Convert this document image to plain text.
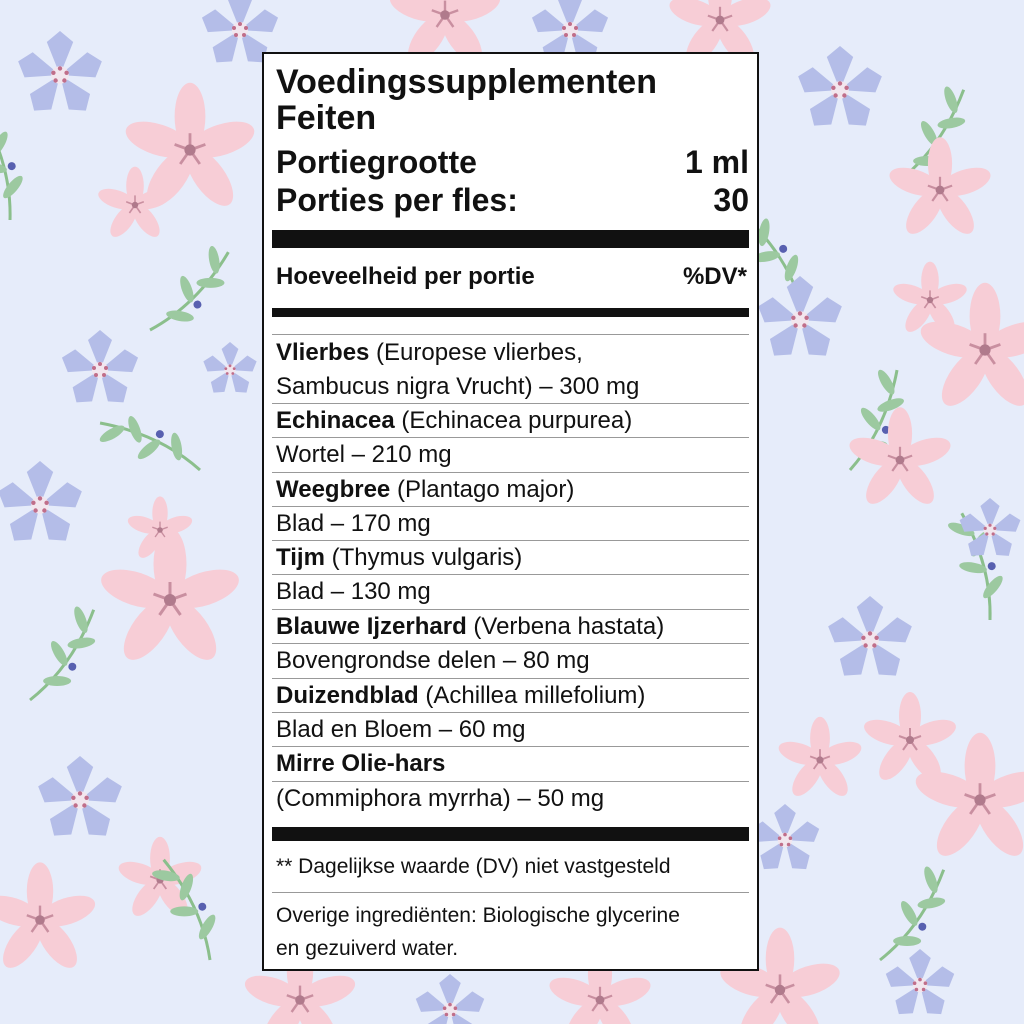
Voedingssupplementen
Feiten
Portiegrootte	1 ml
Porties per fles:	30
Hoeveelheid per portie	%DV*
Vlierbes (Europese vlierbes,
Sambucus nigra Vrucht) – 300 mg
Echinacea (Echinacea purpurea)
Wortel – 210 mg
Weegbree (Plantago major)
Blad – 170 mg
Tijm (Thymus vulgaris)
Blad – 130 mg
Blauwe Ijzerhard (Verbena hastata)
Bovengrondse delen – 80 mg
Duizendblad (Achillea millefolium)
Blad en Bloem – 60 mg
Mirre Olie-hars
(Commiphora myrrha) – 50 mg
** Dagelijkse waarde (DV) niet vastgesteld
Overige ingrediënten: Biologische glycerine
en gezuiverd water.
